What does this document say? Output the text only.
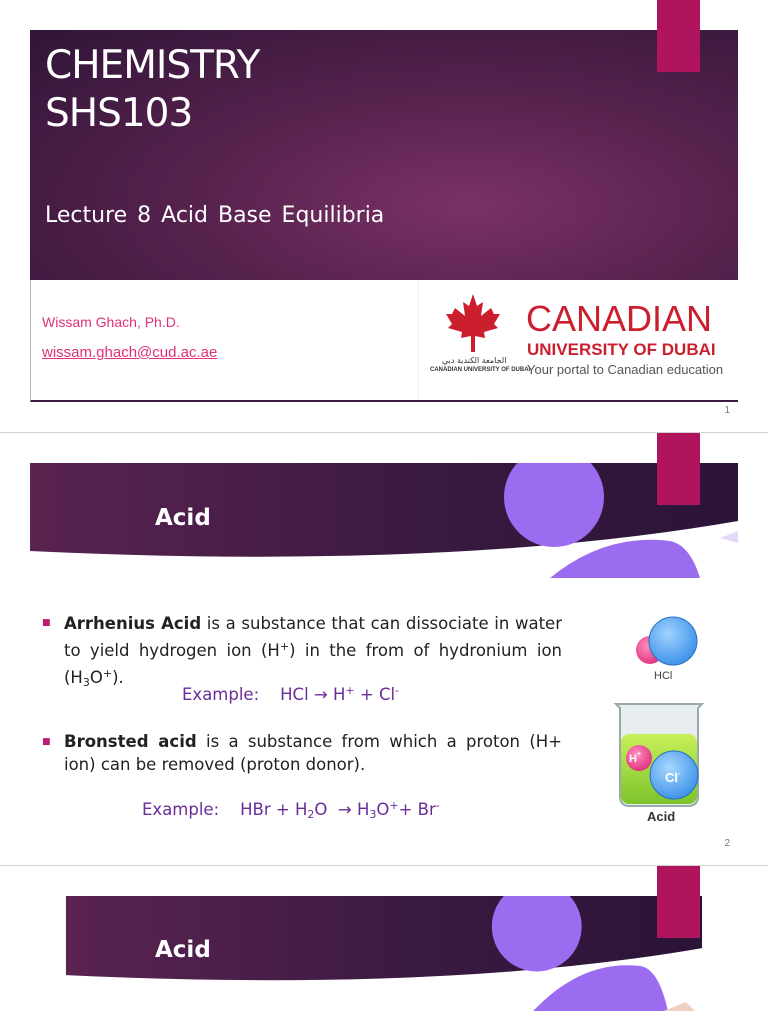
CHEMISTRY
SHS103
Lecture 8 Acid Base Equilibria
Wissam Ghach, Ph.D.
wissam.ghach@cud.ac.ae	الجامعة الكندية دبي
CANADIAN UNIVERSITY OF DUBAI
CANADIAN
UNIVERSITY OF DUBAI
Your portal to Canadian education
1
Acid
■ Arrhenius Acid is a substance that can dissociate in water to yield hydrogen ion (H+) in the from of hydronium ion $(H_3O^+)$.
Example: HCl → H+ + Cl-
■ Bronsted acid is a substance from which a proton (H+ ion) can be removed (proton donor).
Example: HBr + $H_2O \to H_3O^++ Br^-$
HCl
H+
Cl-
Acid
2
Acid
